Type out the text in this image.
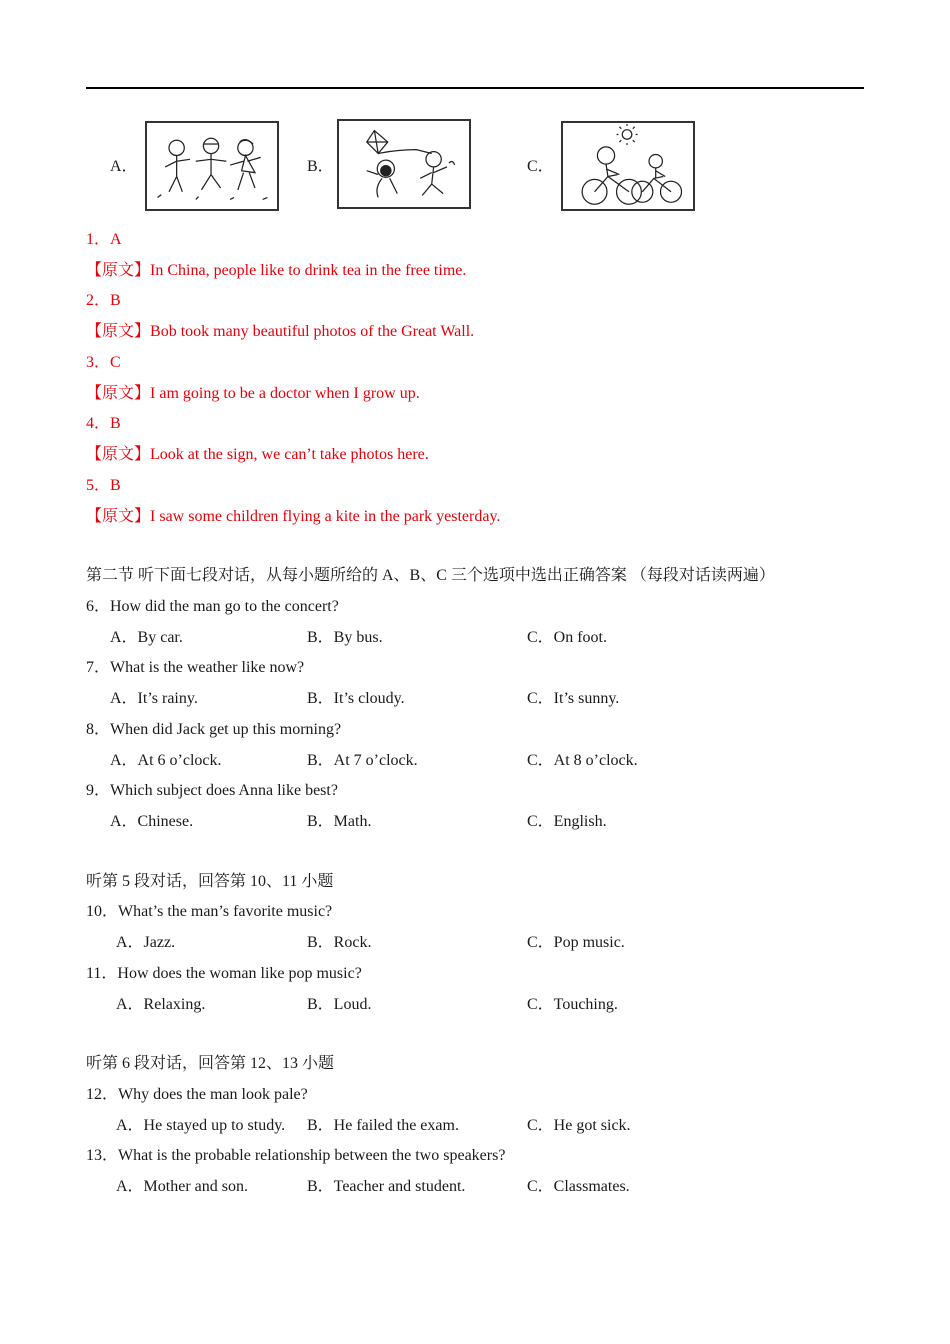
A．	B．	C．
1．A
【原文】In China, people like to drink tea in the free time.
2．B
【原文】Bob took many beautiful photos of the Great Wall.
3．C
【原文】I am going to be a doctor when I grow up.
4．B
【原文】Look at the sign, we can’t take photos here.
5．B
【原文】I saw some children flying a kite in the park yesterday.
第二节 听下面七段对话，从每小题所给的 A、B、C 三个选项中选出正确答案 （每段对话读两遍）
6．How did the man go to the concert?
A．By car.	B．By bus.	C．On foot.
7．What is the weather like now?
A．It’s rainy.	B．It’s cloudy.	C．It’s sunny.
8．When did Jack get up this morning?
A．At 6 o’clock.	B．At 7 o’clock.	C．At 8 o’clock.
9．Which subject does Anna like best?
A．Chinese.	B．Math.	C．English.
听第 5 段对话，回答第 10、11 小题
10．What’s the man’s favorite music?
A．Jazz.	B．Rock.	C．Pop music.
11．How does the woman like pop music?
A．Relaxing.	B．Loud.	C．Touching.
听第 6 段对话，回答第 12、13 小题
12．Why does the man look pale?
A．He stayed up to study. B．He failed the exam.	C．He got sick.
13．What is the probable relationship between the two speakers?
A．Mother and son.	B．Teacher and student.	C．Classmates.
